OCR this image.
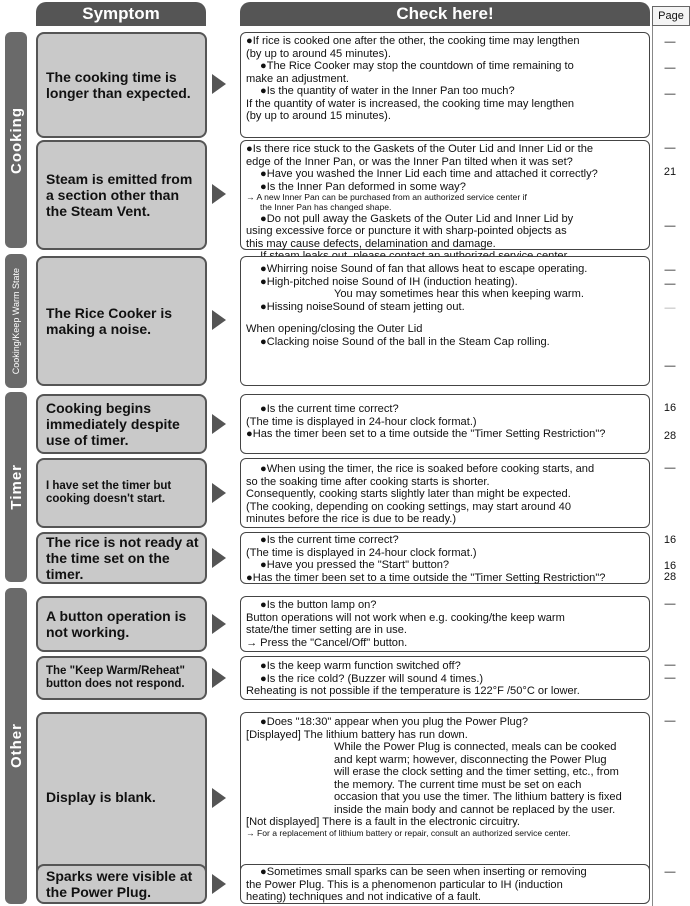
Symptom	Check here!	Page
Cooking
Cooking/Keep Warm State
Timer
Other
The cooking time is longer than expected.

●If rice is cooked one after the other, the cooking time may lengthen

(by up to around 45 minutes).

●The Rice Cooker may stop the countdown of time remaining to

make an adjustment.

●Is the quantity of water in the Inner Pan too much?

If the quantity of water is increased, the cooking time may lengthen

(by up to around 15 minutes).

—
—
—
Steam is emitted from a section other than the Steam Vent.

●Is there rice stuck to the Gaskets of the Outer Lid and Inner Lid or the

edge of the Inner Pan, or was the Inner Pan tilted when it was set?

●Have you washed the Inner Lid each time and attached it correctly?

●Is the Inner Pan deformed in some way?

→ A new Inner Pan can be purchased from an authorized service center if

the Inner Pan has changed shape.

●Do not pull away the Gaskets of the Outer Lid and Inner Lid by

using excessive force or puncture it with sharp-pointed objects as

this may cause defects, delamination and damage.

—
21
—
The Rice Cooker is making a noise.

●Whirring noise Sound of fan that allows heat to escape operating.

●High-pitched noise Sound of IH (induction heating).

You may sometimes hear this when keeping warm.

●Hissing noiseSound of steam jetting out.

When opening/closing the Outer Lid

●Clacking noise Sound of the ball in the Steam Cap rolling.

—
—
—
—
Cooking begins immediately despite use of timer.

●Is the current time correct?

(The time is displayed in 24-hour clock format.)

●Has the timer been set to a time outside the "Timer Setting Restriction"?

16
28
I have set the timer but cooking doesn't start.

●When using the timer, the rice is soaked before cooking starts, and

so the soaking time after cooking starts is shorter.

Consequently, cooking starts slightly later than might be expected.

(The cooking, depending on cooking settings, may start around 40

minutes before the rice is due to be ready.)

—
The rice is not ready at the time set on the timer.

●Is the current time correct?

(The time is displayed in 24-hour clock format.)

●Have you pressed the "Start" button?

●Has the timer been set to a time outside the "Timer Setting Restriction"?

16
16
28
A button operation is not working.

●Is the button lamp on?

Button operations will not work when e.g. cooking/the keep warm

state/the timer setting are in use.

→ Press the "Cancel/Off" button.

—
The "Keep Warm/Reheat" button does not respond.

●Is the keep warm function switched off?

●Is the rice cold? (Buzzer will sound 4 times.)

Reheating is not possible if the temperature is 122°F /50°C or lower.

—
—
Display is blank.

●Does "18:30" appear when you plug the Power Plug?

[Displayed] The lithium battery has run down.

While the Power Plug is connected, meals can be cooked

and kept warm; however, disconnecting the Power Plug

will erase the clock setting and the timer setting, etc., from

the memory. The current time must be set on each

occasion that you use the timer. The lithium battery is fixed

inside the main body and cannot be replaced by the user.

[Not displayed] There is a fault in the electronic circuitry.

→ For a replacement of lithium battery or repair, consult an authorized service center.

—
Sparks were visible at the Power Plug.

●Sometimes small sparks can be seen when inserting or removing

the Power Plug. This is a phenomenon particular to IH (induction

heating) techniques and not indicative of a fault.

—
